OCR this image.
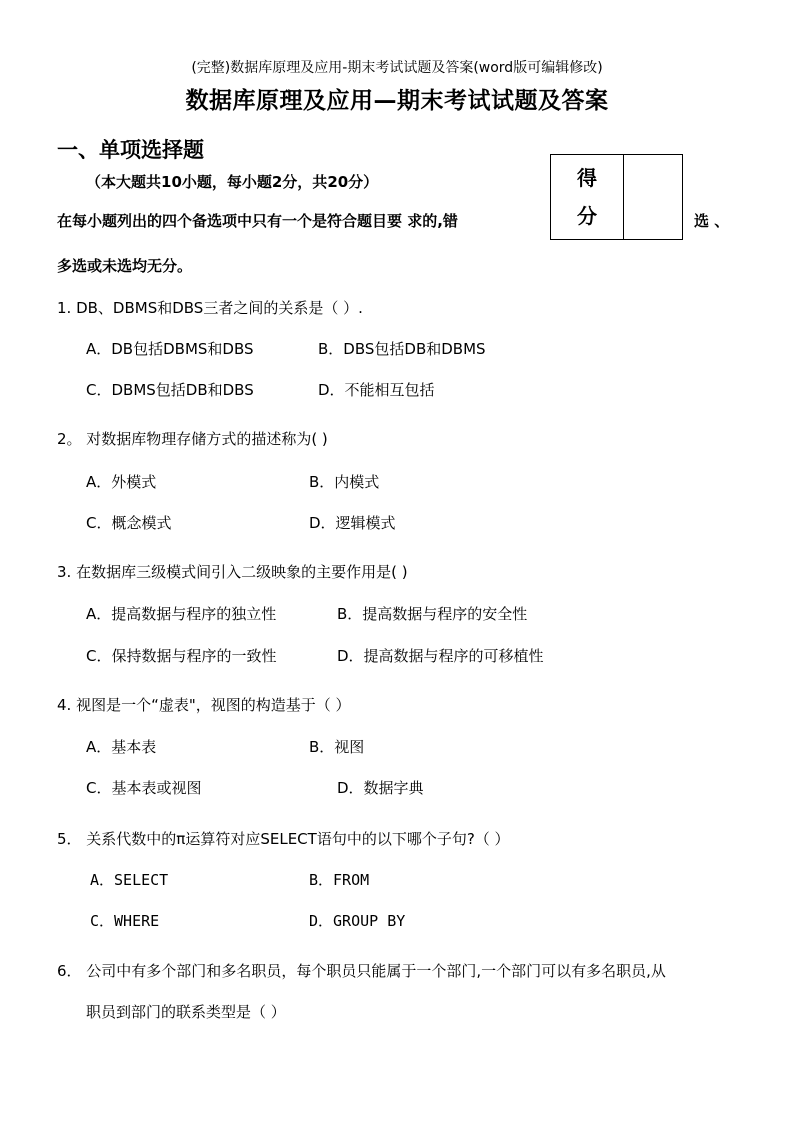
(完整)数据库原理及应用-期末考试试题及答案(word版可编辑修改)
数据库原理及应用—期末考试试题及答案
一、单项选择题
（本大题共10小题，每小题2分，共20分）	得
分

在每小题列出的四个备选项中只有一个是符合题目要 求的,错	选 、
多选或未选均无分。
1. DB、DBMS和DBS三者之间的关系是（ ）.
A．DB包括DBMS和DBS	B．DBS包括DB和DBMS
C．DBMS包括DB和DBS	D．不能相互包括
2。 对数据库物理存储方式的描述称为( )
A．外模式	B．内模式
C．概念模式	D．逻辑模式
3. 在数据库三级模式间引入二级映象的主要作用是( )
A．提高数据与程序的独立性	B．提高数据与程序的安全性
C．保持数据与程序的一致性	D．提高数据与程序的可移植性
4. 视图是一个“虚表"，视图的构造基于（ ）
A．基本表	B．视图
C．基本表或视图	D．数据字典
5． 关系代数中的π运算符对应SELECT语句中的以下哪个子句?（ ）
A．SELECT	B．FROM
C．WHERE	D．GROUP BY
6． 公司中有多个部门和多名职员，每个职员只能属于一个部门,一个部门可以有多名职员,从
职员到部门的联系类型是（ ）
